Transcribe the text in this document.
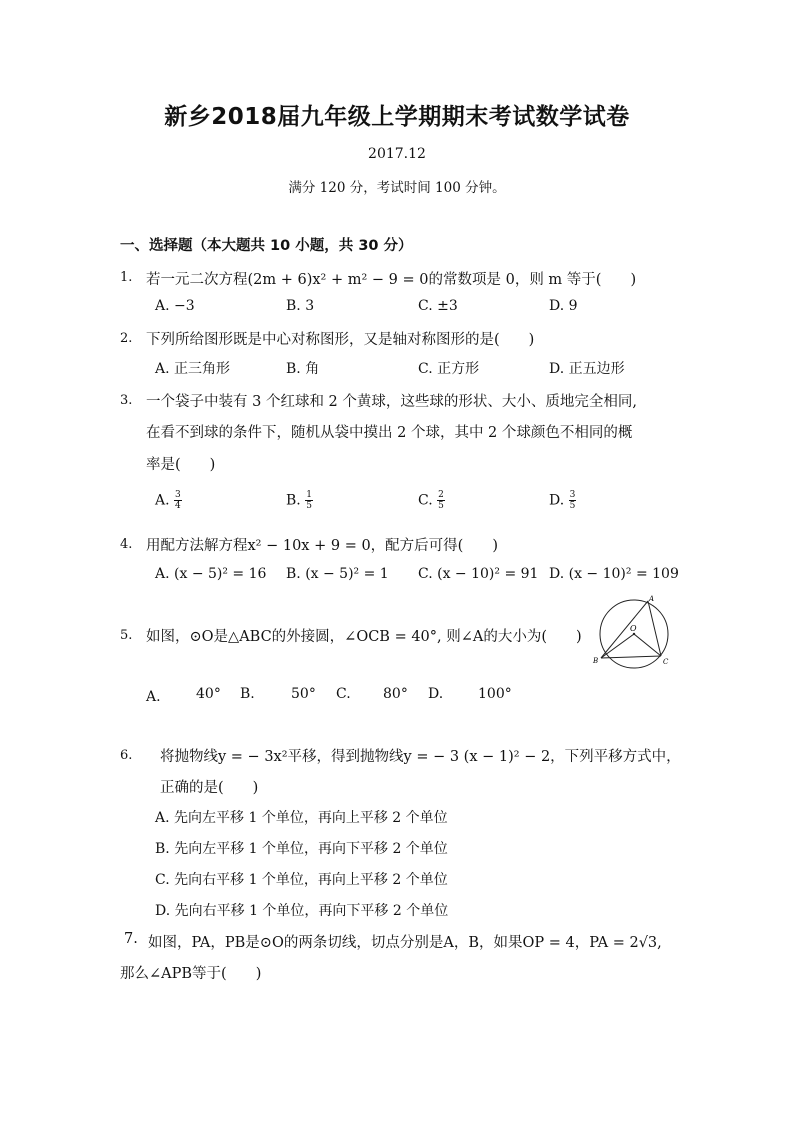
新乡2018届九年级上学期期末考试数学试卷
2017.12
满分 120 分，考试时间 100 分钟。
一、选择题（本大题共 10 小题，共 30 分）
1. 若一元二次方程(2m + 6)x² + m² − 9 = 0的常数项是 0，则 m 等于(　　)
A. −3	B. 3	C. ±3	D. 9
2. 下列所给图形既是中心对称图形，又是轴对称图形的是(　　)
A. 正三角形	B. 角	C. 正方形	D. 正五边形
3. 一个袋子中装有 3 个红球和 2 个黄球，这些球的形状、大小、质地完全相同,
在看不到球的条件下，随机从袋中摸出 2 个球，其中 2 个球颜色不相同的概
率是(　　)
A. $\frac{3}{4}$	B. $\frac{1}{5}$	C. $\frac{2}{5}$	D. $\frac{3}{5}$
4. 用配方法解方程x² − 10x + 9 = 0，配方后可得(　　)
A. (x − 5)² = 16 B. (x − 5)² = 1 C. (x − 10)² = 91 D. (x − 10)² = 109
5. 如图，⊙O是△ABC的外接圆，∠OCB = 40°, 则∠A的大小为(　　)
A
B	C
O
A.	40° B.	50° C. 80° D. 100°
6. 将抛物线y = − 3x²平移，得到抛物线y = − 3 (x − 1)² − 2，下列平移方式中，
正确的是(　　)
A. 先向左平移 1 个单位，再向上平移 2 个单位
B. 先向左平移 1 个单位，再向下平移 2 个单位
C. 先向右平移 1 个单位，再向上平移 2 个单位
D. 先向右平移 1 个单位，再向下平移 2 个单位
7. 如图，PA，PB是⊙O的两条切线，切点分别是A，B，如果OP = 4，PA = 2√3,
那么∠APB等于(　　)
